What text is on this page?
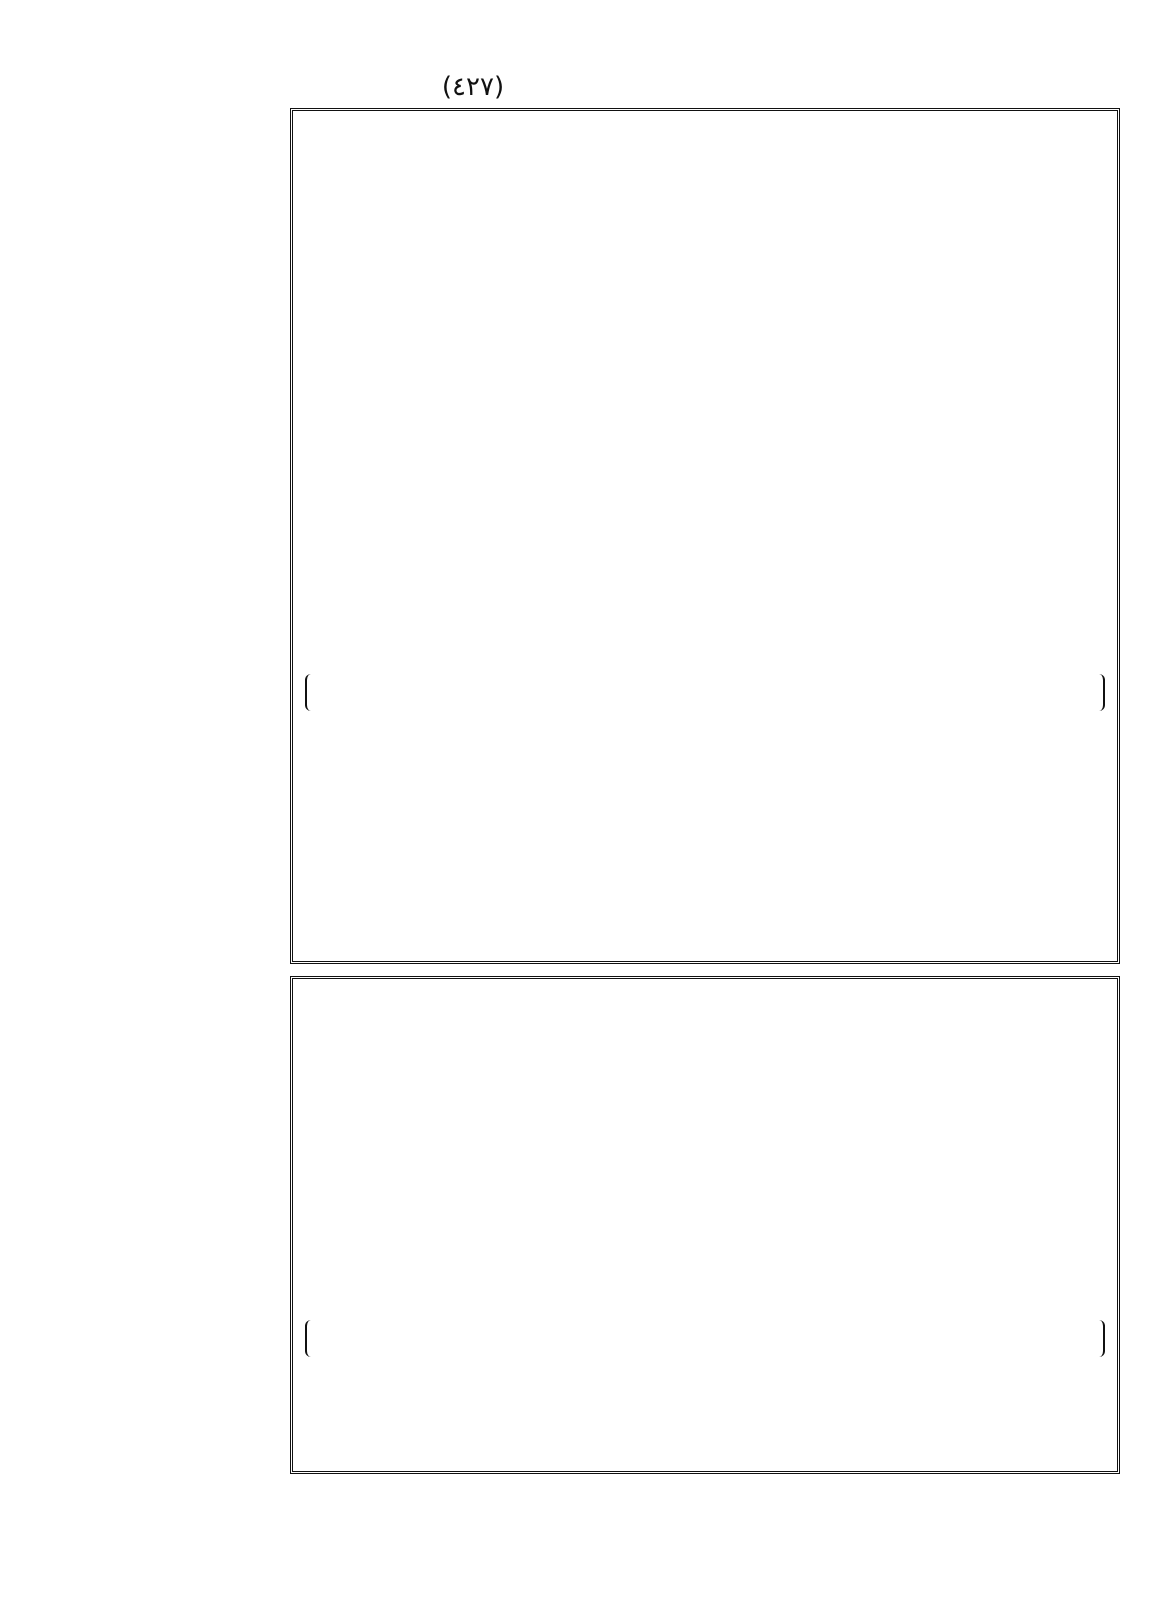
(٤٢٧)
